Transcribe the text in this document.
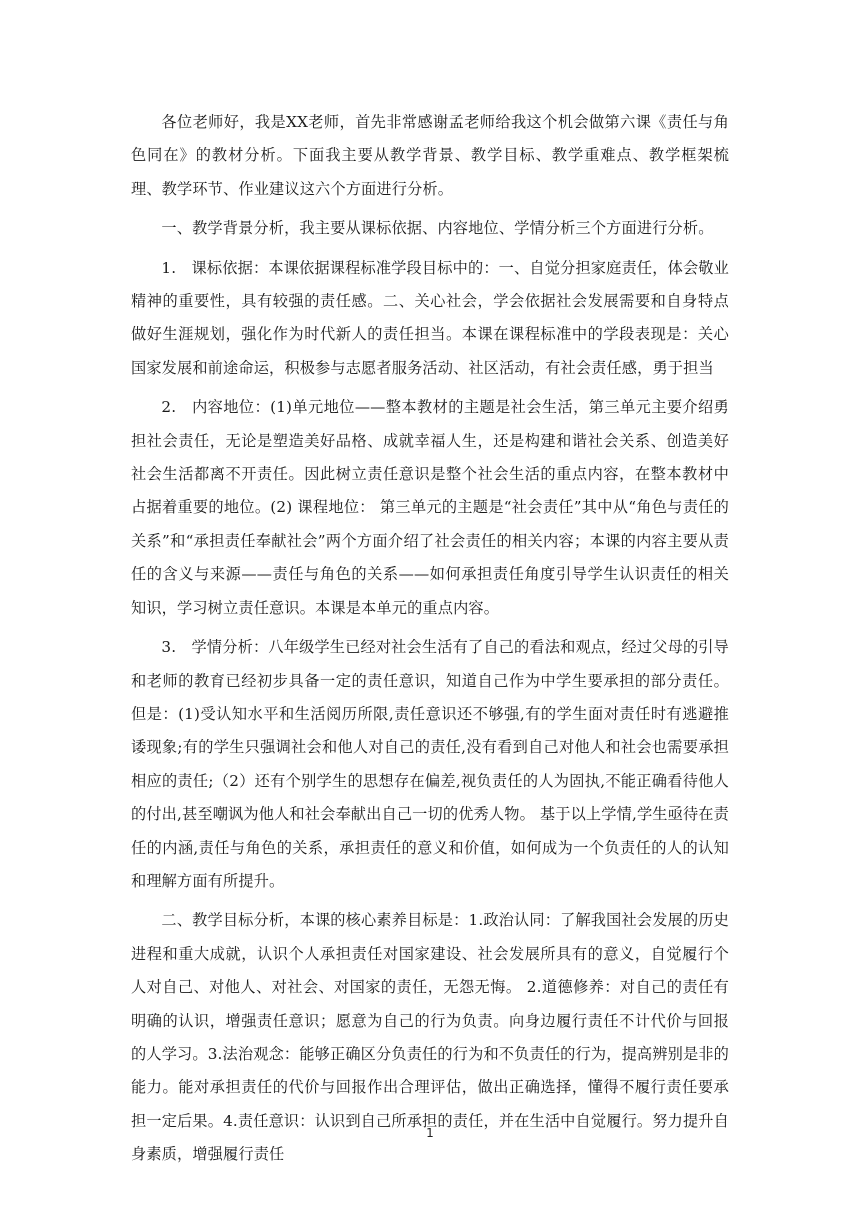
各位老师好，我是XX老师，首先非常感谢孟老师给我这个机会做第六课《责任与角色同在》的教材分析。下面我主要从教学背景、教学目标、教学重难点、教学框架梳理、教学环节、作业建议这六个方面进行分析。

一、教学背景分析，我主要从课标依据、内容地位、学情分析三个方面进行分析。

1.　课标依据：本课依据课程标准学段目标中的：一、自觉分担家庭责任，体会敬业精神的重要性，具有较强的责任感。二、关心社会，学会依据社会发展需要和自身特点做好生涯规划，强化作为时代新人的责任担当。本课在课程标准中的学段表现是：关心国家发展和前途命运，积极参与志愿者服务活动、社区活动，有社会责任感，勇于担当

2.　内容地位：(1)单元地位——整本教材的主题是社会生活，第三单元主要介绍勇担社会责任，无论是塑造美好品格、成就幸福人生，还是构建和谐社会关系、创造美好社会生活都离不开责任。因此树立责任意识是整个社会生活的重点内容，在整本教材中占据着重要的地位。(2) 课程地位： 第三单元的主题是“社会责任”其中从“角色与责任的关系”和“承担责任奉献社会”两个方面介绍了社会责任的相关内容；本课的内容主要从责任的含义与来源——责任与角色的关系——如何承担责任角度引导学生认识责任的相关知识，学习树立责任意识。本课是本单元的重点内容。

3.　学情分析：八年级学生已经对社会生活有了自己的看法和观点，经过父母的引导和老师的教育已经初步具备一定的责任意识，知道自己作为中学生要承担的部分责任。但是：(1)受认知水平和生活阅历所限,责任意识还不够强,有的学生面对责任时有逃避推诿现象;有的学生只强调社会和他人对自己的责任,没有看到自己对他人和社会也需要承担相应的责任;（2）还有个别学生的思想存在偏差,视负责任的人为固执,不能正确看待他人的付出,甚至嘲讽为他人和社会奉献出自己一切的优秀人物。 基于以上学情,学生亟待在责任的内涵,责任与角色的关系，承担责任的意义和价值，如何成为一个负责任的人的认知和理解方面有所提升。

二、教学目标分析，本课的核心素养目标是：1.政治认同：了解我国社会发展的历史进程和重大成就，认识个人承担责任对国家建设、社会发展所具有的意义，自觉履行个人对自己、对他人、对社会、对国家的责任，无怨无悔。 2.道德修养：对自己的责任有明确的认识，增强责任意识；愿意为自己的行为负责。向身边履行责任不计代价与回报的人学习。3.法治观念：能够正确区分负责任的行为和不负责任的行为，提高辨别是非的能力。能对承担责任的代价与回报作出合理评估，做出正确选择，懂得不履行责任要承担一定后果。4.责任意识：认识到自己所承担的责任，并在生活中自觉履行。努力提升自身素质，增强履行责任

1
